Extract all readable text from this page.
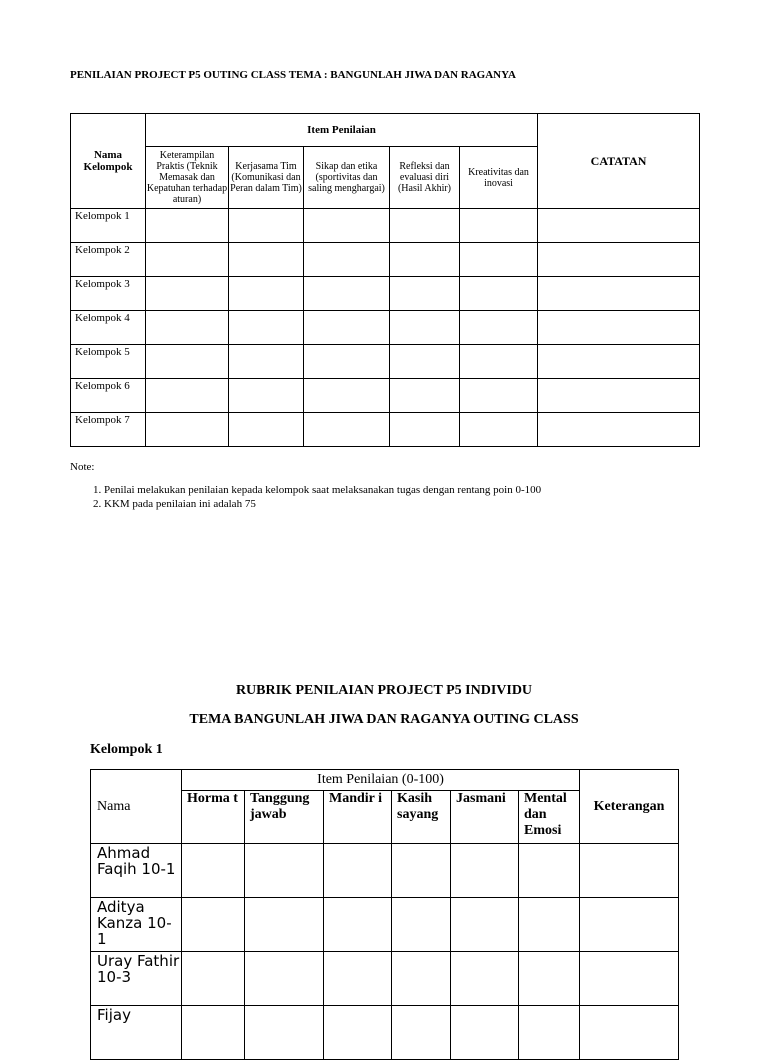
PENILAIAN PROJECT P5 OUTING CLASS TEMA : BANGUNLAH JIWA DAN RAGANYA
Nama Kelompok	Item Penilaian					CATATAN
	Keterampilan Praktis (Teknik Memasak dan Kepatuhan terhadap aturan)	Kerjasama Tim (Komunikasi dan Peran dalam Tim)	Sikap dan etika (sportivitas dan saling menghargai)	Refleksi dan evaluasi diri (Hasil Akhir)	Kreativitas dan inovasi	
Kelompok 1						
Kelompok 2						
Kelompok 3						
Kelompok 4						
Kelompok 5						
Kelompok 6						
Kelompok 7						
Note:
1. Penilai melakukan penilaian kepada kelompok saat melaksanakan tugas dengan rentang poin 0-100
2. KKM pada penilaian ini adalah 75
RUBRIK PENILAIAN PROJECT P5 INDIVIDU
TEMA BANGUNLAH JIWA DAN RAGANYA OUTING CLASS
Kelompok 1
Nama	Item Penilaian (0-100)						Keterangan
	Horma t	Tanggung jawab	Mandir i	Kasih sayang	Jasmani	Mental dan Emosi	
Ahmad Faqih 10-1							
Aditya Kanza 10-1							
Uray Fathir 10-3							
Fijay							
